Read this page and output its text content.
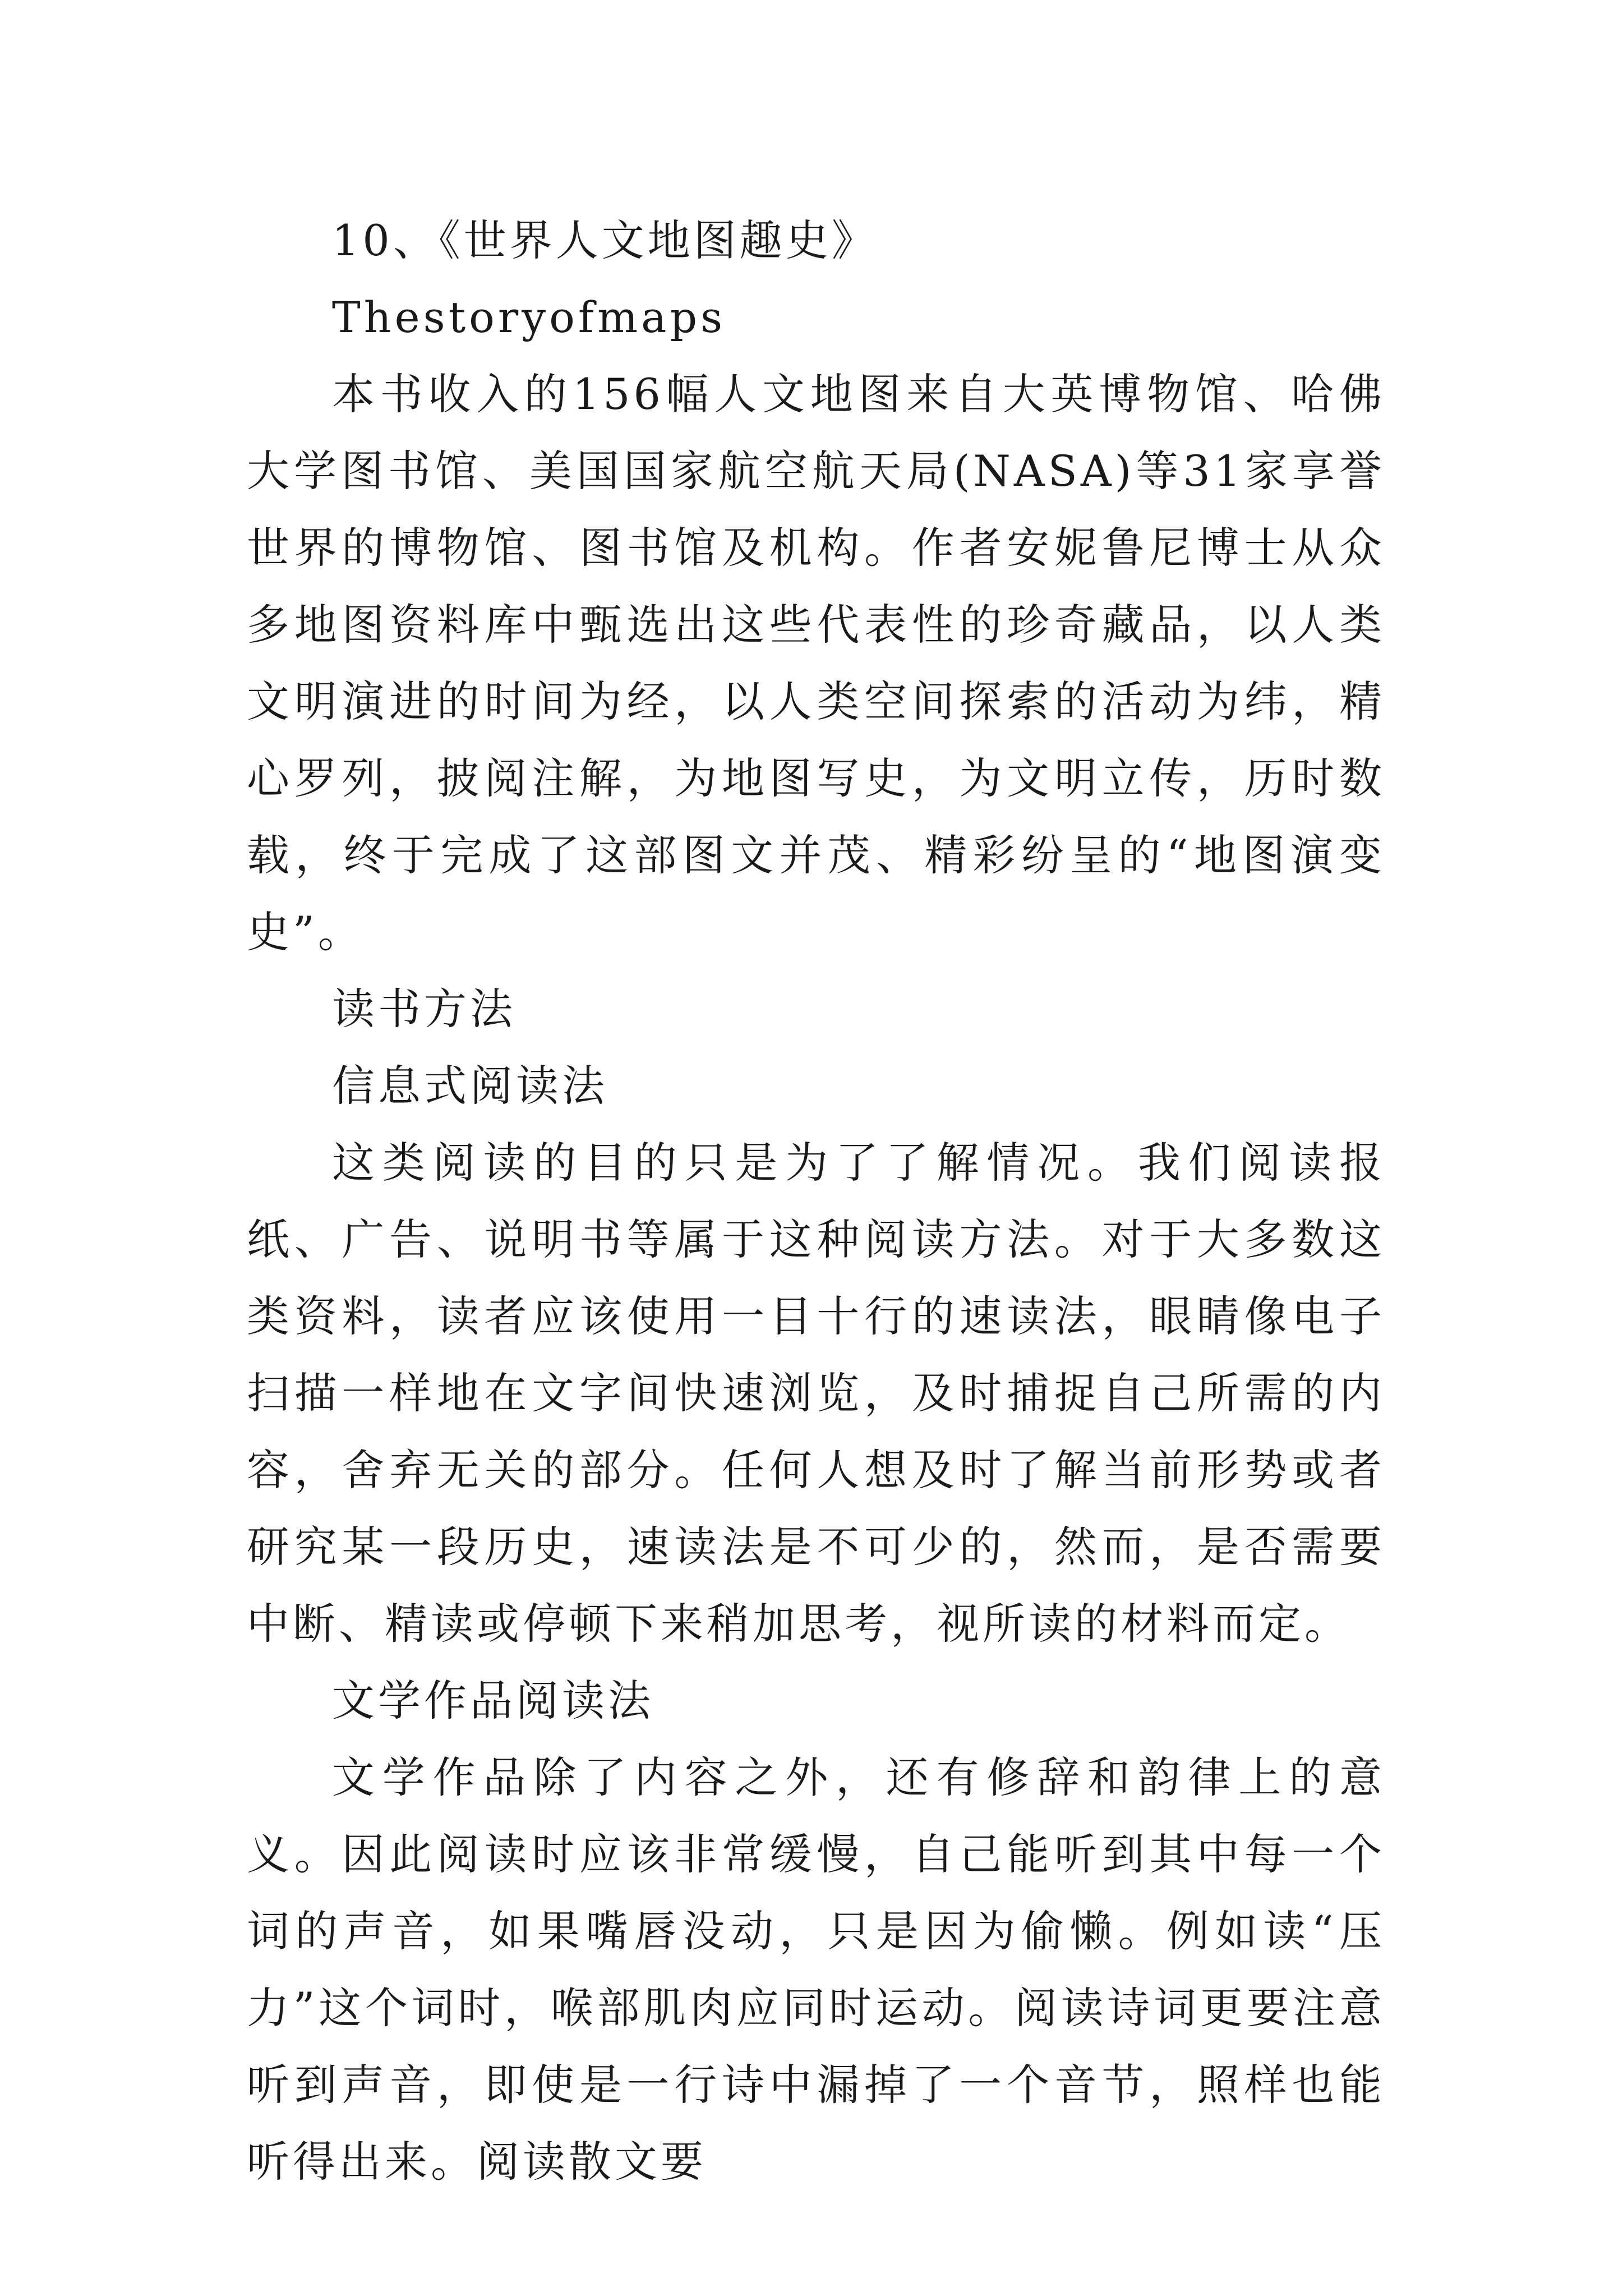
10、《世界人文地图趣史》

Thestoryofmaps

本书收入的156幅人文地图来自大英博物馆、哈佛大学图书馆、美国国家航空航天局(NASA)等31家享誉世界的博物馆、图书馆及机构。作者安妮鲁尼博士从众多地图资料库中甄选出这些代表性的珍奇藏品，以人类文明演进的时间为经，以人类空间探索的活动为纬，精心罗列，披阅注解，为地图写史，为文明立传，历时数载，终于完成了这部图文并茂、精彩纷呈的“地图演变史”。

读书方法

信息式阅读法

这类阅读的目的只是为了了解情况。我们阅读报纸、广告、说明书等属于这种阅读方法。对于大多数这类资料，读者应该使用一目十行的速读法，眼睛像电子扫描一样地在文字间快速浏览，及时捕捉自己所需的内容，舍弃无关的部分。任何人想及时了解当前形势或者研究某一段历史，速读法是不可少的，然而，是否需要中断、精读或停顿下来稍加思考，视所读的材料而定。

文学作品阅读法

文学作品除了内容之外，还有修辞和韵律上的意义。因此阅读时应该非常缓慢，自己能听到其中每一个词的声音，如果嘴唇没动，只是因为偷懒。例如读“压力”这个词时，喉部肌肉应同时运动。阅读诗词更要注意听到声音，即使是一行诗中漏掉了一个音节，照样也能听得出来。阅读散文要
